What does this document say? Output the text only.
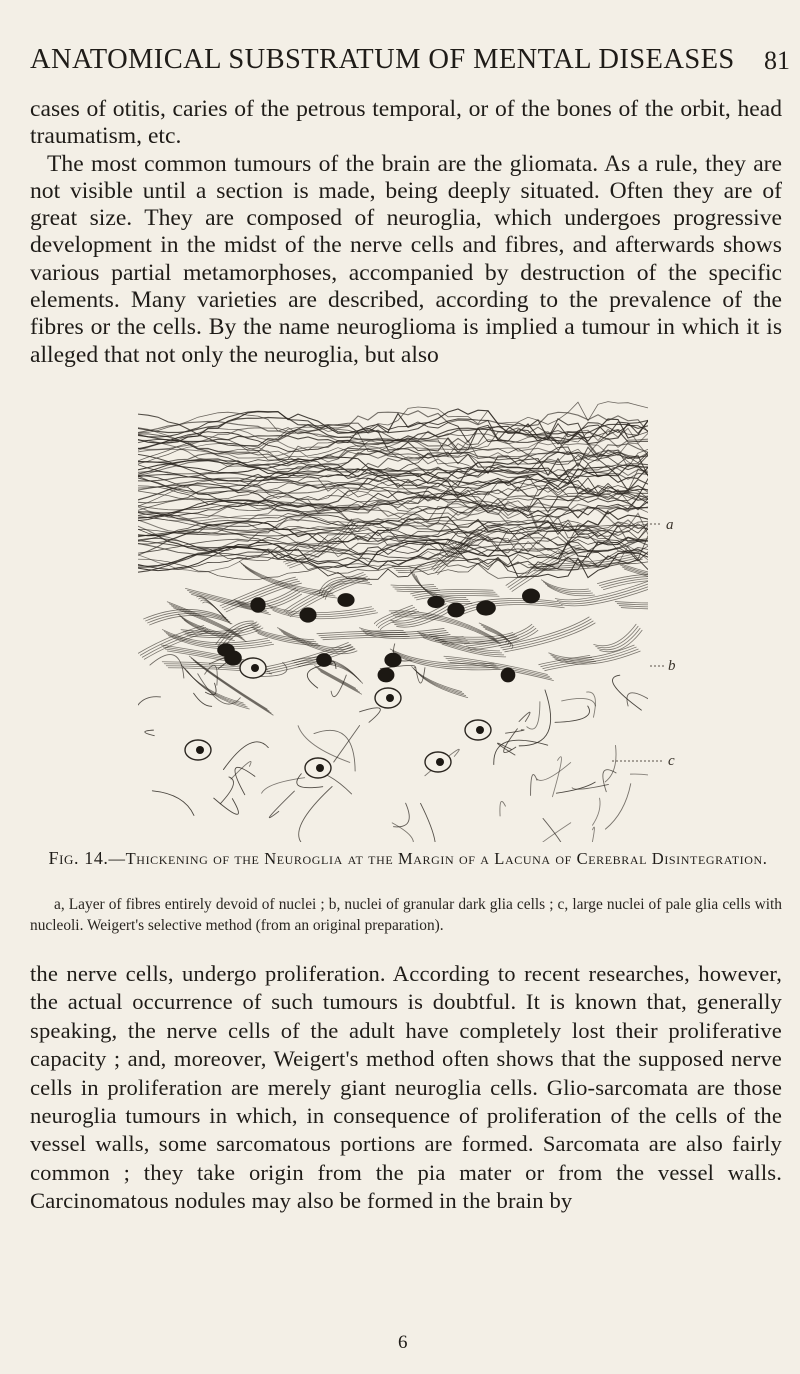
ANATOMICAL SUBSTRATUM OF MENTAL DISEASES 81

cases of otitis, caries of the petrous temporal, or of the bones of the orbit, head traumatism, etc.

The most common tumours of the brain are the gliomata. As a rule, they are not visible until a section is made, being deeply situated. Often they are of great size. They are composed of neuroglia, which undergoes progressive development in the midst of the nerve cells and fibres, and afterwards shows various partial metamorphoses, accompanied by destruction of the specific elements. Many varieties are described, according to the prevalence of the fibres or the cells. By the name neuroglioma is implied a tumour in which it is alleged that not only the neuroglia, but also

a
b
c
Fig. 14.—Thickening of the Neuroglia at the Margin of a Lacuna of Cerebral Disintegration.

a, Layer of fibres entirely devoid of nuclei ; b, nuclei of granular dark glia cells ; c, large nuclei of pale glia cells with nucleoli. Weigert's selective method (from an original preparation).

the nerve cells, undergo proliferation. According to recent researches, however, the actual occurrence of such tumours is doubtful. It is known that, generally speaking, the nerve cells of the adult have completely lost their proliferative capacity ; and, moreover, Weigert's method often shows that the supposed nerve cells in proliferation are merely giant neuroglia cells. Glio-sarcomata are those neuroglia tumours in which, in consequence of proliferation of the cells of the vessel walls, some sarcomatous portions are formed. Sarcomata are also fairly common ; they take origin from the pia mater or from the vessel walls. Carcinomatous nodules may also be formed in the brain by

6
